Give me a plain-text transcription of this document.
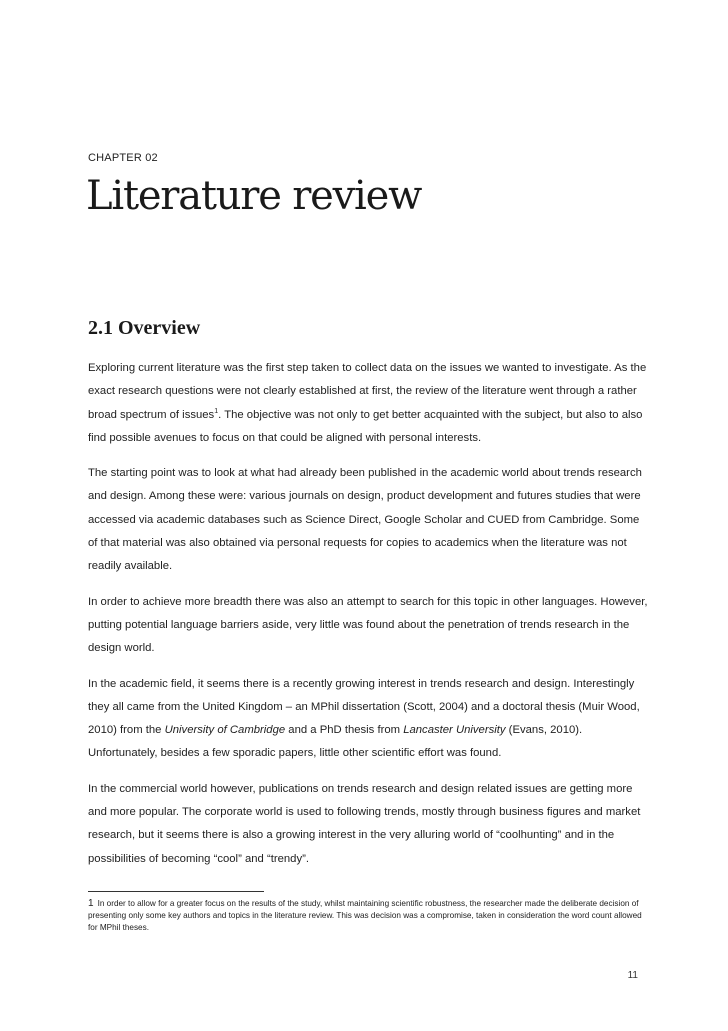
CHAPTER 02
Literature review
2.1 Overview

Exploring current literature was the first step taken to collect data on the issues we wanted to investigate. As the exact research questions were not clearly established at first, the review of the literature went through a rather broad spectrum of issues$^1$. The objective was not only to get better acquainted with the subject, but also to also find possible avenues to focus on that could be aligned with personal interests.

The starting point was to look at what had already been published in the academic world about trends research and design. Among these were: various journals on design, product development and futures studies that were accessed via academic databases such as Science Direct, Google Scholar and CUED from Cambridge. Some of that material was also obtained via personal requests for copies to academics when the literature was not readily available.

In order to achieve more breadth there was also an attempt to search for this topic in other languages. However, putting potential language barriers aside, very little was found about the penetration of trends research in the design world.

In the academic field, it seems there is a recently growing interest in trends research and design. Interestingly they all came from the United Kingdom – an MPhil dissertation (Scott, 2004) and a doctoral thesis (Muir Wood, 2010) from the University of Cambridge and a PhD thesis from Lancaster University (Evans, 2010). Unfortunately, besides a few sporadic papers, little other scientific effort was found.

In the commercial world however, publications on trends research and design related issues are getting more and more popular. The corporate world is used to following trends, mostly through business figures and market research, but it seems there is also a growing interest in the very alluring world of “coolhunting” and in the possibilities of becoming “cool” and “trendy”.

1 In order to allow for a greater focus on the results of the study, whilst maintaining scientific robustness, the researcher made the deliberate decision of presenting only some key authors and topics in the literature review. This was decision was a compromise, taken in consideration the word count allowed for MPhil theses.
11
